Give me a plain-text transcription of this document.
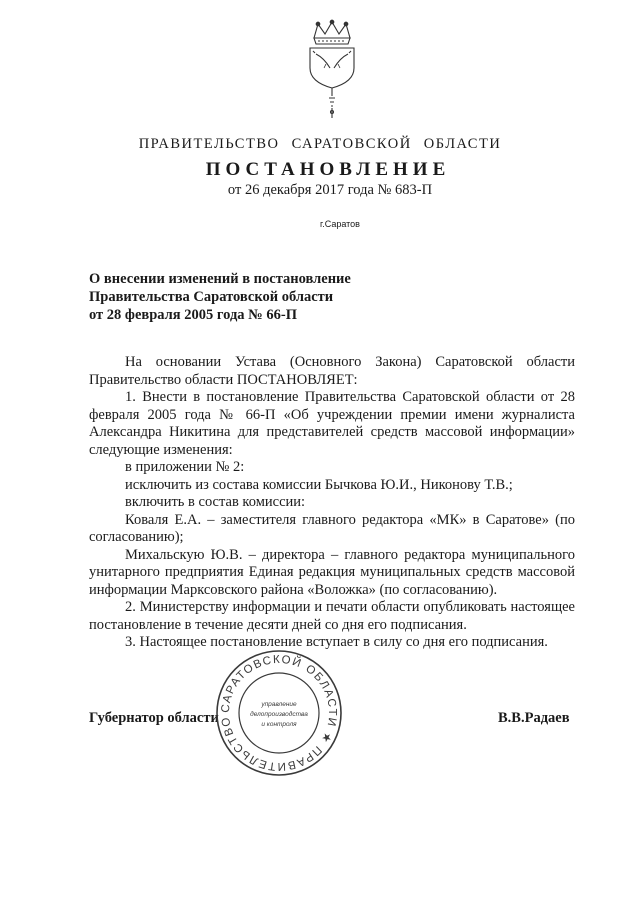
ПРАВИТЕЛЬСТВО САРАТОВСКОЙ ОБЛАСТИ
ПОСТАНОВЛЕНИЕ
от 26 декабря 2017 года № 683-П
г.Саратов
О внесении изменений в постановление
Правительства Саратовской области
от 28 февраля 2005 года № 66-П

На основании Устава (Основного Закона) Саратовской области Правительство области ПОСТАНОВЛЯЕТ:

1. Внести в постановление Правительства Саратовской области от 28 февраля 2005 года № 66-П «Об учреждении премии имени журналиста Александра Никитина для представителей средств массовой информации» следующие изменения:

в приложении № 2:

исключить из состава комиссии Бычкова Ю.И., Никонову Т.В.;

включить в состав комиссии:

Коваля Е.А. – заместителя главного редактора «МК» в Саратове» (по согласованию);

Михальскую Ю.В. – директора – главного редактора муниципального унитарного предприятия Единая редакция муниципальных средств массовой информации Марксовского района «Воложка» (по согласованию).

2. Министерству информации и печати области опубликовать настоящее постановление в течение десяти дней со дня его подписания.

3. Настоящее постановление вступает в силу со дня его подписания.

Губернатор области	В.В.Радаев
САРАТОВСКОЙ ОБЛАСТИ ★ ПРАВИТЕЛЬСТВО
управление
делопроизводства
и контроля
